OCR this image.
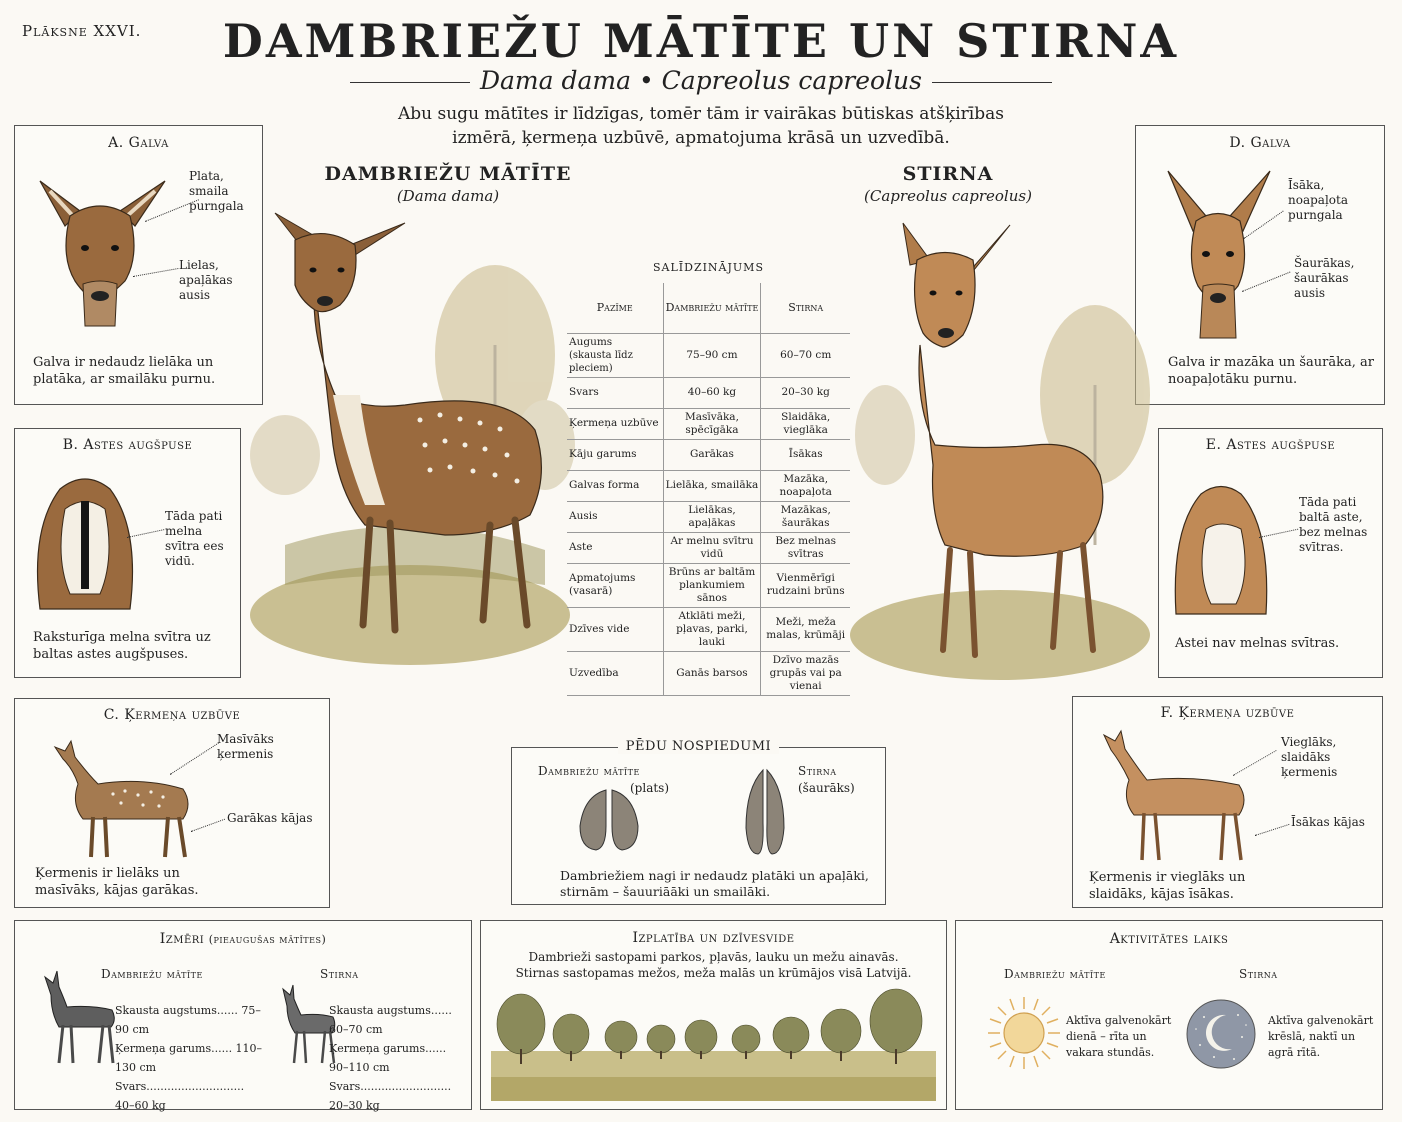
Plāksne XXVI.	DAMBRIEŽU MĀTĪTE UN STIRNA
Dama dama • Capreolus capreolus
Abu sugu mātītes ir līdzīgas, tomēr tām ir vairākas būtiskas atšķirības
izmērā, ķermeņa uzbūvē, apmatojuma krāsā un uzvedībā.
A. Galva
Plata, smaila purngala
Lielas, apaļākas ausis
Galva ir nedaudz lielāka un platāka, ar smailāku purnu.
B. Astes augšpuse
Tāda pati melna svītra ees vidū.
Raksturīga melna svītra uz baltas astes augšpuses.
C. Ķermeņa uzbūve
Masīvāks ķermenis
Garākas kājas
Ķermenis ir lielāks un masīvāks, kājas garākas.
D. Galva
Īsāka, noapaļota purngala
Šaurākas, šaurākas ausis
Galva ir mazāka un šaurāka, ar noapaļotāku purnu.
E. Astes augšpuse
Tāda pati baltā aste, bez melnas svītras.
Astei nav melnas svītras.
F. Ķermeņa uzbūve
Vieglāks, slaidāks ķermenis
Īsākas kājas
Ķermenis ir vieglāks un slaidāks, kājas īsākas.
DAMBRIEŽU MĀTĪTE
(Dama dama)
STIRNA
(Capreolus capreolus)
SALĪDZINĀJUMS
Pazīme	Dambriežu mātīte	Stirna

Augums
(skausta līdz pleciem)	75–90 cm	60–70 cm

Svars	40–60 kg	20–30 kg

Ķermeņa uzbūve	Masīvāka, spēcīgāka	Slaidāka, vieglāka

Kāju garums	Garākas	Īsākas

Galvas forma	Lielāka, smailāka	Mazāka, noapaļota

Ausis	Lielākas, apaļākas	Mazākas, šaurākas

Aste	Ar melnu svītru vidū	Bez melnas svītras

Apmatojums (vasarā)	Brūns ar baltām plankumiem sānos	Vienmērīgi rudzaini brūns

Dzīves vide	Atklāti meži, pļavas, parki, lauki	Meži, meža malas, krūmāji

Uzvedība	Ganās barsos	Dzīvo mazās grupās vai pa vienai
PĒDU NOSPIEDUMI
Dambriežu mātīte
(plats)
Stirna
(šaurāks)
Dambriežiem nagi ir nedaudz platāki un apaļāki,
stirnām – šauuriāāki un smailāki.
Izmēri (pieaugušas mātītes)
Dambriežu mātīte	Stirna
Skausta augstums...... 75–90 cm
Ķermeņa garums...... 110–130 cm
Svars............................ 40–60 kg
Skausta augstums...... 60–70 cm
Ķermeņa garums...... 90–110 cm
Svars.......................... 20–30 kg
Izplatība un dzīvesvide
Dambrieži sastopami parkos, pļavās, lauku un mežu ainavās.
Stirnas sastopamas mežos, meža malās un krūmājos visā Latvijā.
Aktivitātes laiks
Dambriežu mātīte	Stirna
Aktīva galvenokārt
dienā – rīta un
vakara stundās.
Aktīva galvenokārt
krēslā, naktī un
agrā rītā.
